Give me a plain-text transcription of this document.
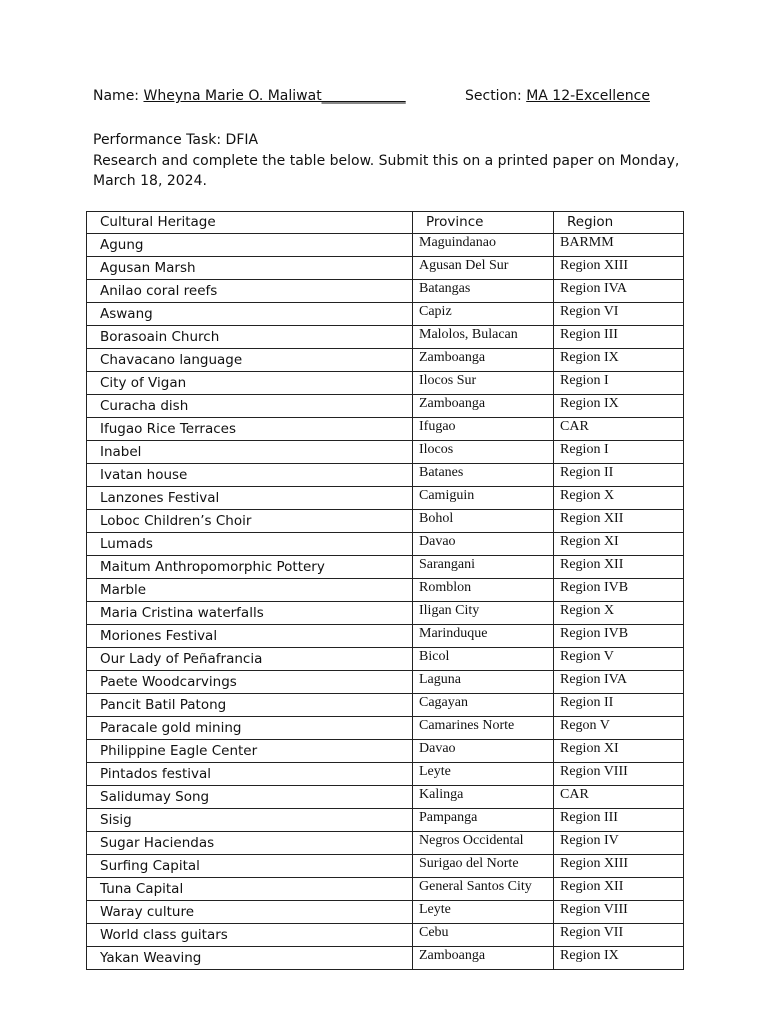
Name: Wheyna Marie O. Maliwat____________	Section: MA 12-Excellence

Performance Task: DFIA

Research and complete the table below. Submit this on a printed paper on Monday, March 18, 2024.

Cultural Heritage	Province	Region
Agung	Maguindanao	BARMM
Agusan Marsh	Agusan Del Sur	Region XIII
Anilao coral reefs	Batangas	Region IVA
Aswang	Capiz	Region VI
Borasoain Church	Malolos, Bulacan	Region III
Chavacano language	Zamboanga	Region IX
City of Vigan	Ilocos Sur	Region I
Curacha dish	Zamboanga	Region IX
Ifugao Rice Terraces	Ifugao	CAR
Inabel	Ilocos	Region I
Ivatan house	Batanes	Region II
Lanzones Festival	Camiguin	Region X
Loboc Children’s Choir	Bohol	Region XII
Lumads	Davao	Region XI
Maitum Anthropomorphic Pottery	Sarangani	Region XII
Marble	Romblon	Region IVB
Maria Cristina waterfalls	Iligan City	Region X
Moriones Festival	Marinduque	Region IVB
Our Lady of Peñafrancia	Bicol	Region V
Paete Woodcarvings	Laguna	Region IVA
Pancit Batil Patong	Cagayan	Region II
Paracale gold mining	Camarines Norte	Regon V
Philippine Eagle Center	Davao	Region XI
Pintados festival	Leyte	Region VIII
Salidumay Song	Kalinga	CAR
Sisig	Pampanga	Region III
Sugar Haciendas	Negros Occidental	Region IV
Surfing Capital	Surigao del Norte	Region XIII
Tuna Capital	General Santos City	Region XII
Waray culture	Leyte	Region VIII
World class guitars	Cebu	Region VII
Yakan Weaving	Zamboanga	Region IX
